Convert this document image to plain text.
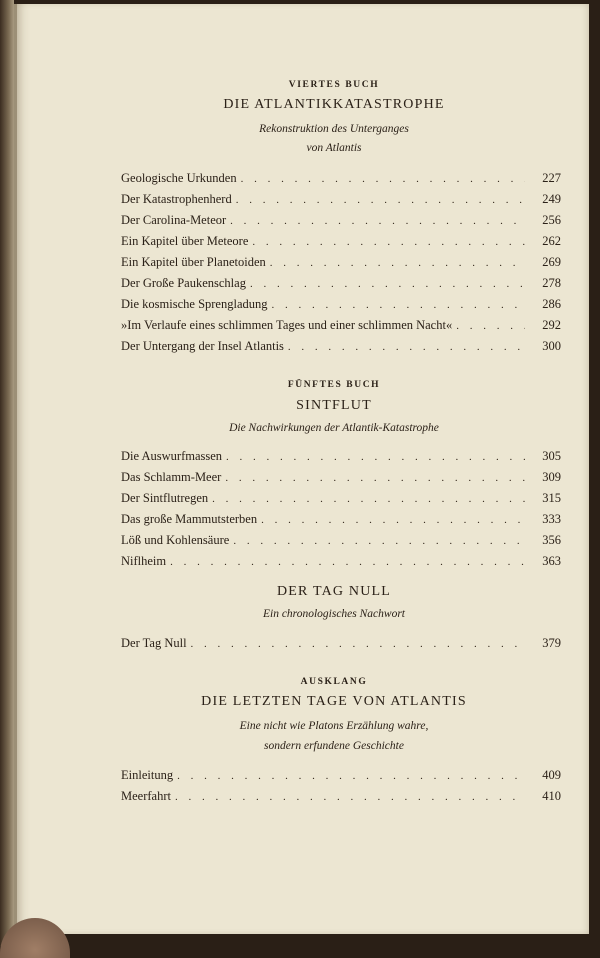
VIERTES BUCH
DIE ATLANTIKKATASTROPHE
Rekonstruktion des Unterganges
von Atlantis
Geologische Urkunden . . .	227
Der Katastrophenherd . . .	249
Der Carolina-Meteor . . .	256
Ein Kapitel über Meteore . . .	262
Ein Kapitel über Planetoiden . . .	269
Der Große Paukenschlag . . .	278
Die kosmische Sprengladung . . .	286
»Im Verlaufe eines schlimmen Tages und einer schlimmen Nacht« . . .	292
Der Untergang der Insel Atlantis . . .	300
FÜNFTES BUCH
SINTFLUT
Die Nachwirkungen der Atlantik-Katastrophe
Die Auswurfmassen . . .	305
Das Schlamm-Meer . . .	309
Der Sintflutregen . . .	315
Das große Mammutsterben . . .	333
Löß und Kohlensäure . . .	356
Niflheim . . .	363
DER TAG NULL
Ein chronologisches Nachwort
Der Tag Null . . .	379
AUSKLANG
DIE LETZTEN TAGE VON ATLANTIS
Eine nicht wie Platons Erzählung wahre,
sondern erfundene Geschichte
Einleitung . . .	409
Meerfahrt . . .	410
